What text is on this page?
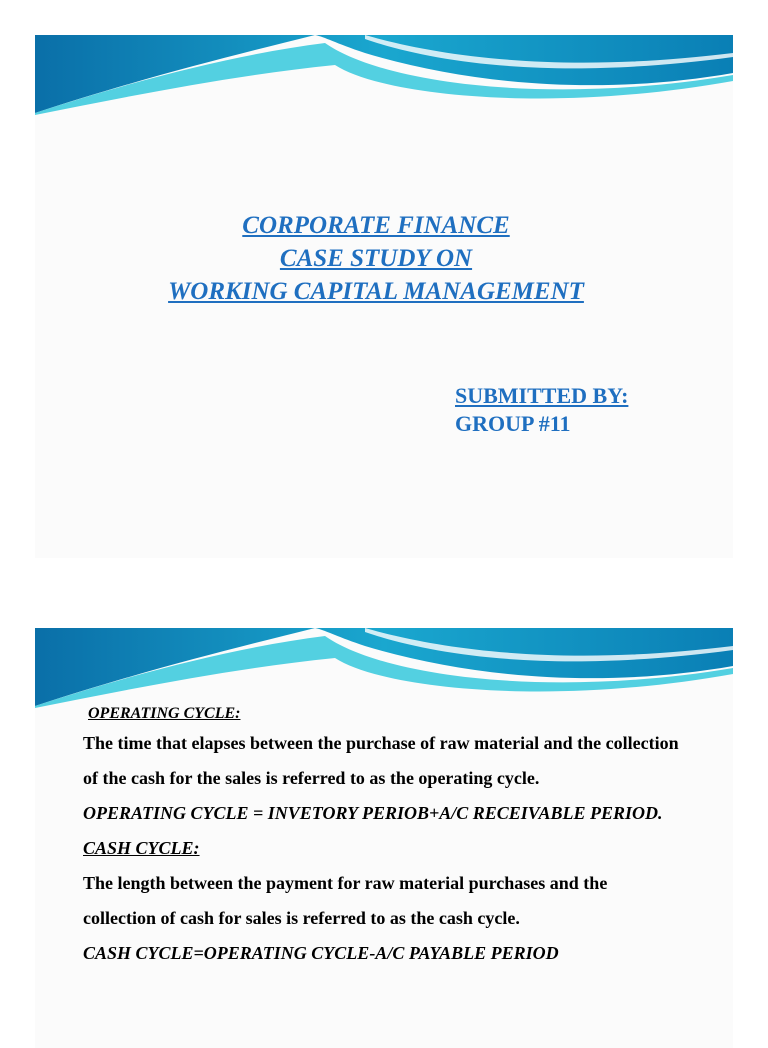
CORPORATE FINANCE
CASE STUDY ON
WORKING CAPITAL MANAGEMENT
SUBMITTED BY:
GROUP #11
OPERATING CYCLE:

The time that elapses between the purchase of raw material and the collection of the cash for the sales is referred to as the operating cycle.

OPERATING CYCLE = INVETORY PERIOB+A/C RECEIVABLE PERIOD.

CASH CYCLE:

The length between the payment for raw material purchases and the collection of cash for sales is referred to as the cash cycle.

CASH CYCLE=OPERATING CYCLE-A/C PAYABLE PERIOD
